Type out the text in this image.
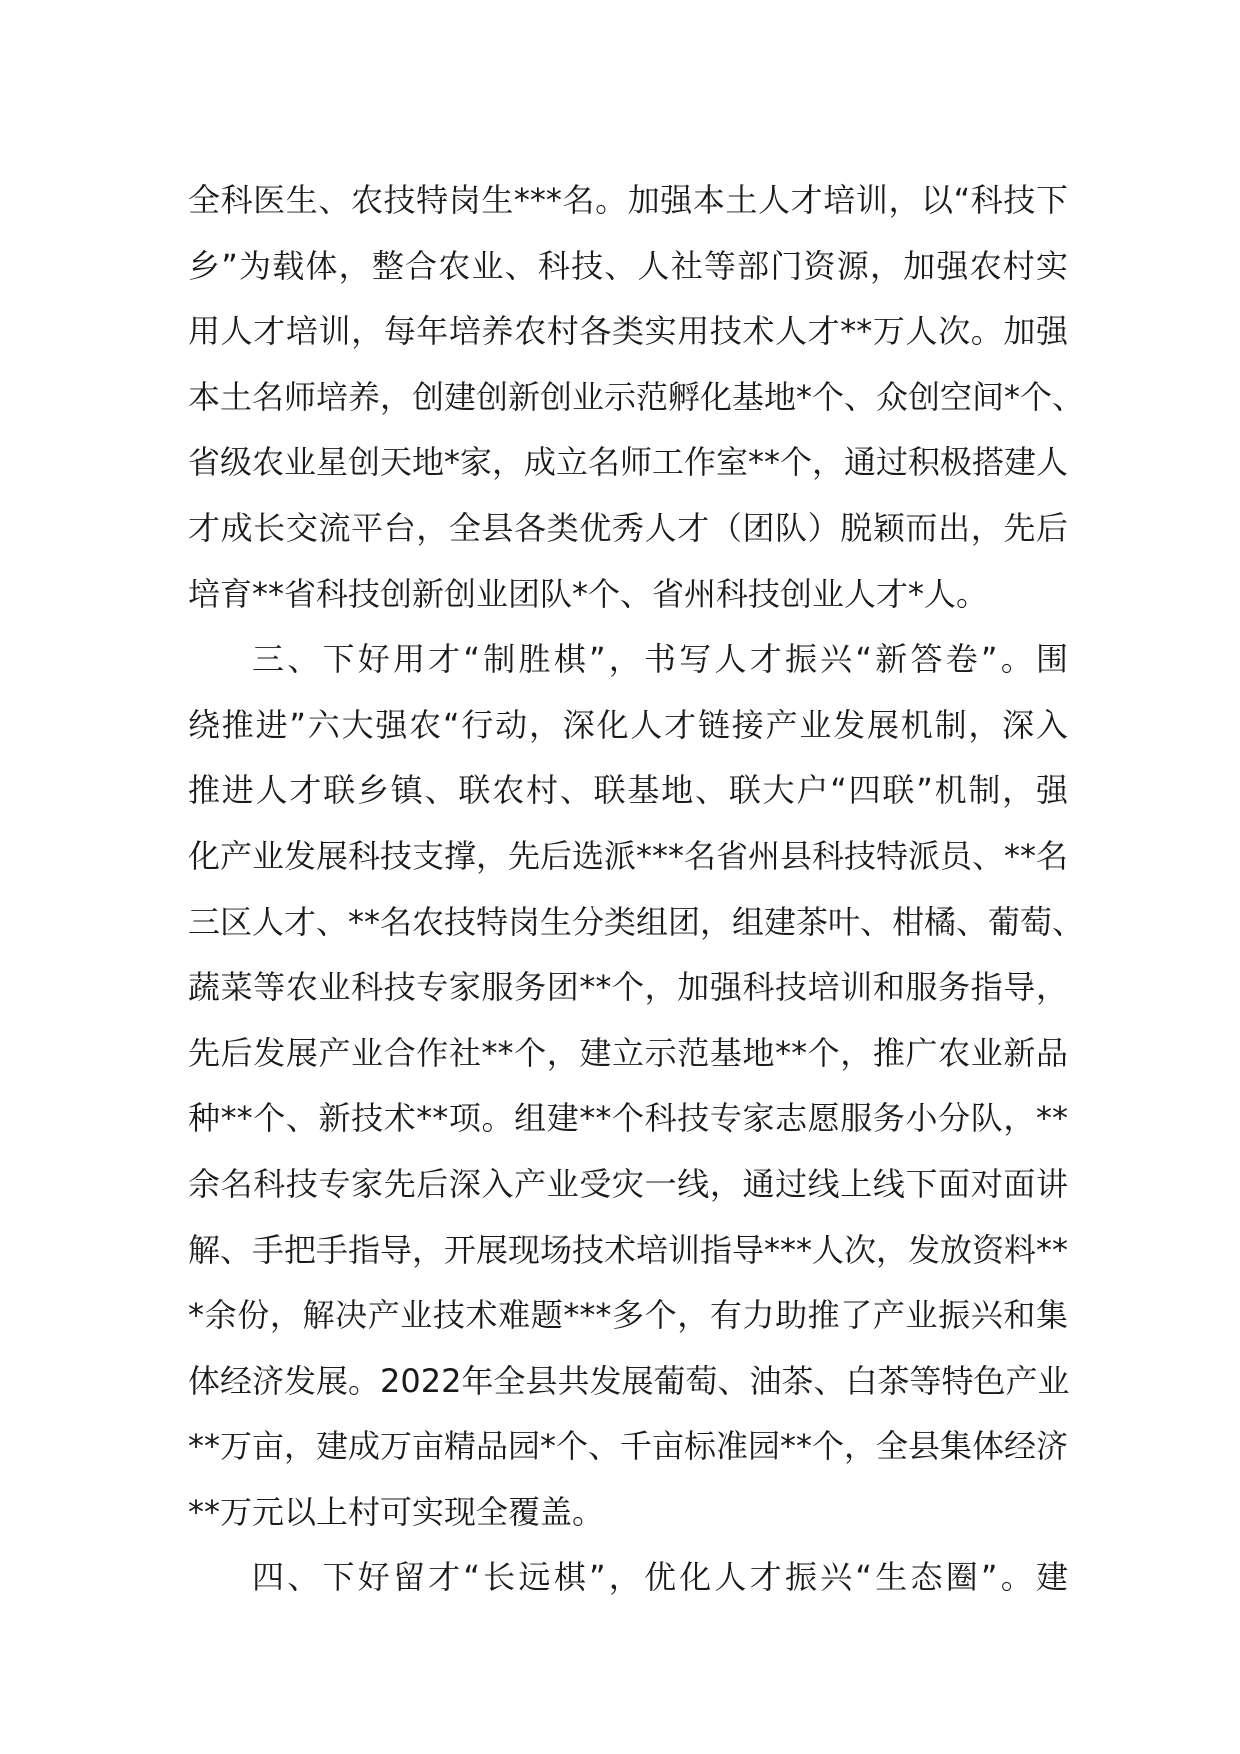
全科医生、农技特岗生***名。加强本土人才培训，以“科技下
乡”为载体，整合农业、科技、人社等部门资源，加强农村实
用人才培训，每年培养农村各类实用技术人才**万人次。加强
本土名师培养，创建创新创业示范孵化基地*个、众创空间*个、
省级农业星创天地*家，成立名师工作室**个，通过积极搭建人
才成长交流平台，全县各类优秀人才（团队）脱颖而出，先后
培育**省科技创新创业团队*个、省州科技创业人才*人。
三、下好用才“制胜棋”，书写人才振兴“新答卷”。围
绕推进”六大强农“行动，深化人才链接产业发展机制，深入
推进人才联乡镇、联农村、联基地、联大户“四联”机制，强
化产业发展科技支撑，先后选派***名省州县科技特派员、**名
三区人才、**名农技特岗生分类组团，组建茶叶、柑橘、葡萄、
蔬菜等农业科技专家服务团**个，加强科技培训和服务指导，
先后发展产业合作社**个，建立示范基地**个，推广农业新品
种**个、新技术**项。组建**个科技专家志愿服务小分队，**
余名科技专家先后深入产业受灾一线，通过线上线下面对面讲
解、手把手指导，开展现场技术培训指导***人次，发放资料**
*余份，解决产业技术难题***多个，有力助推了产业振兴和集
体经济发展。2022年全县共发展葡萄、油茶、白茶等特色产业
**万亩，建成万亩精品园*个、千亩标准园**个，全县集体经济
**万元以上村可实现全覆盖。
四、下好留才“长远棋”，优化人才振兴“生态圈”。建
